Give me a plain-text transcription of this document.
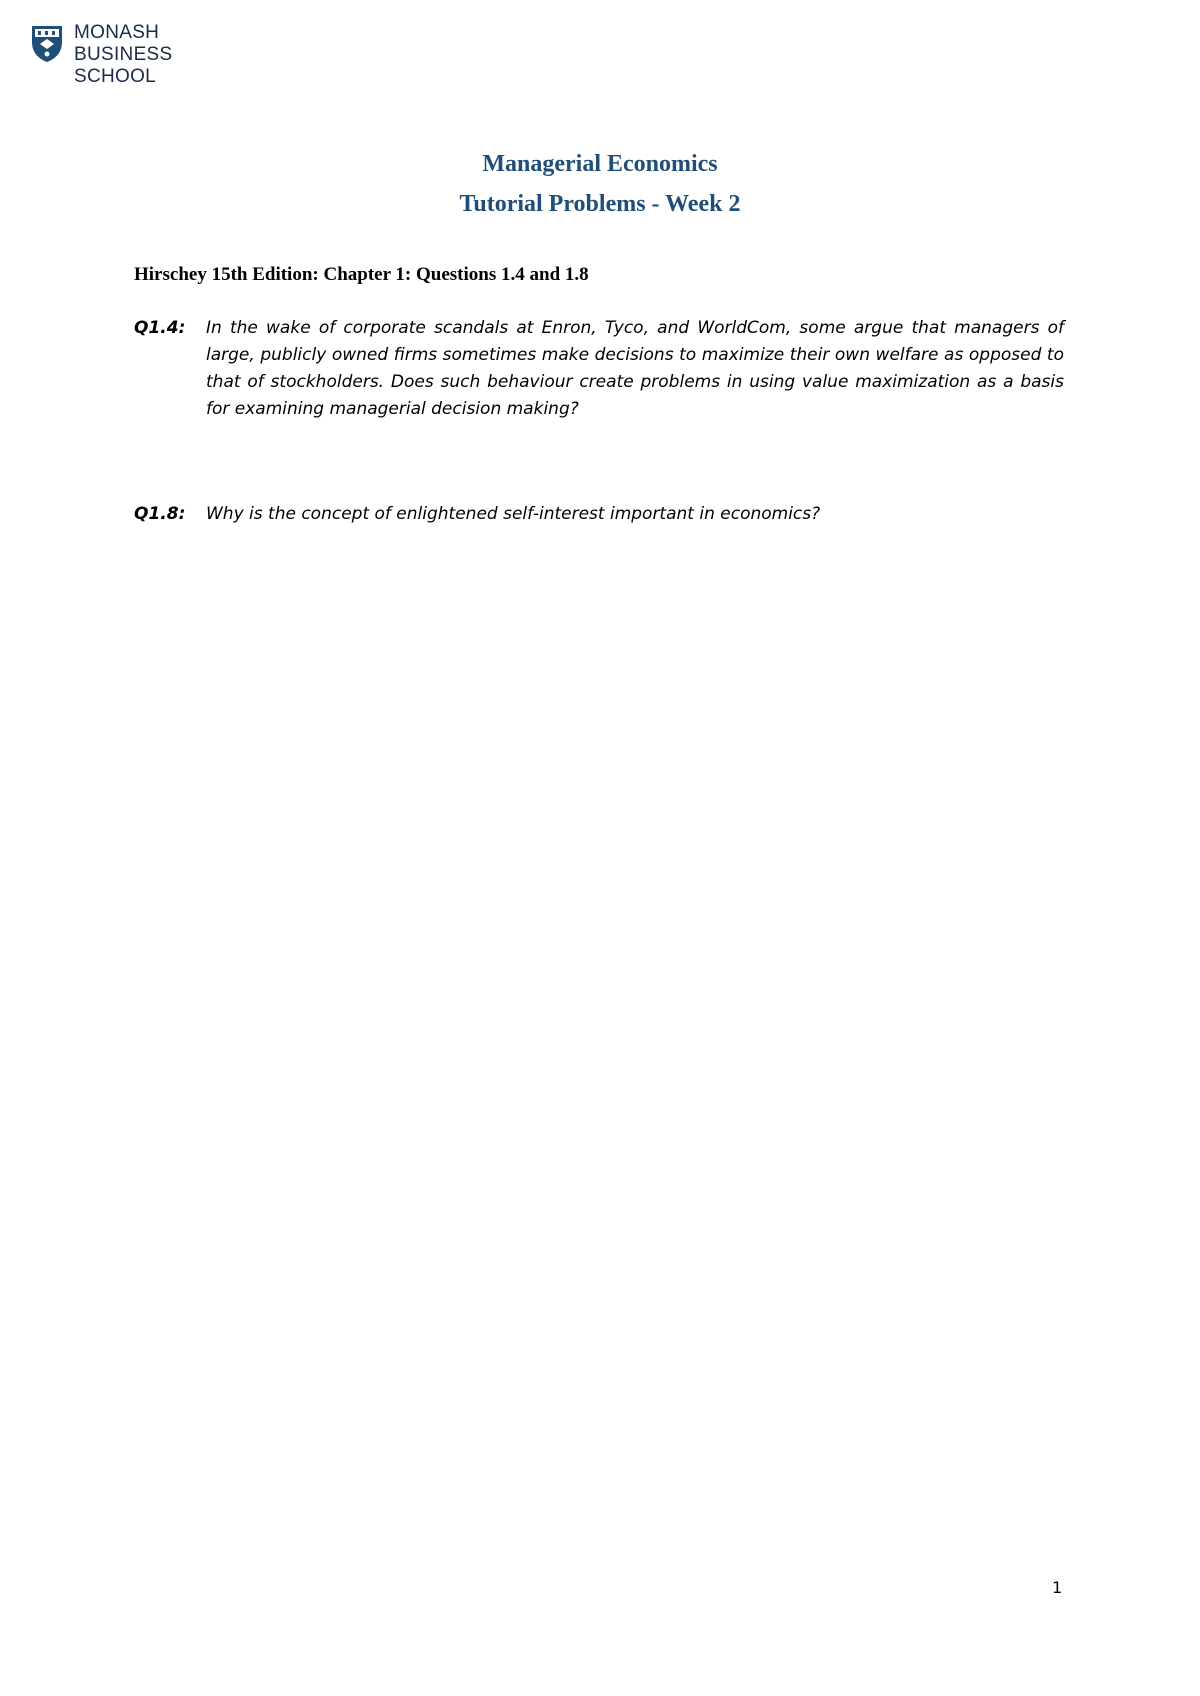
MONASH
BUSINESS
SCHOOL
Managerial Economics
Tutorial Problems - Week 2
Hirschey 15th Edition: Chapter 1: Questions 1.4 and 1.8
Q1.4:	In the wake of corporate scandals at Enron, Tyco, and WorldCom, some argue that managers of large, publicly owned firms sometimes make decisions to maximize their own welfare as opposed to that of stockholders. Does such behaviour create problems in using value maximization as a basis for examining managerial decision making?
Q1.8:	Why is the concept of enlightened self-interest important in economics?
1
